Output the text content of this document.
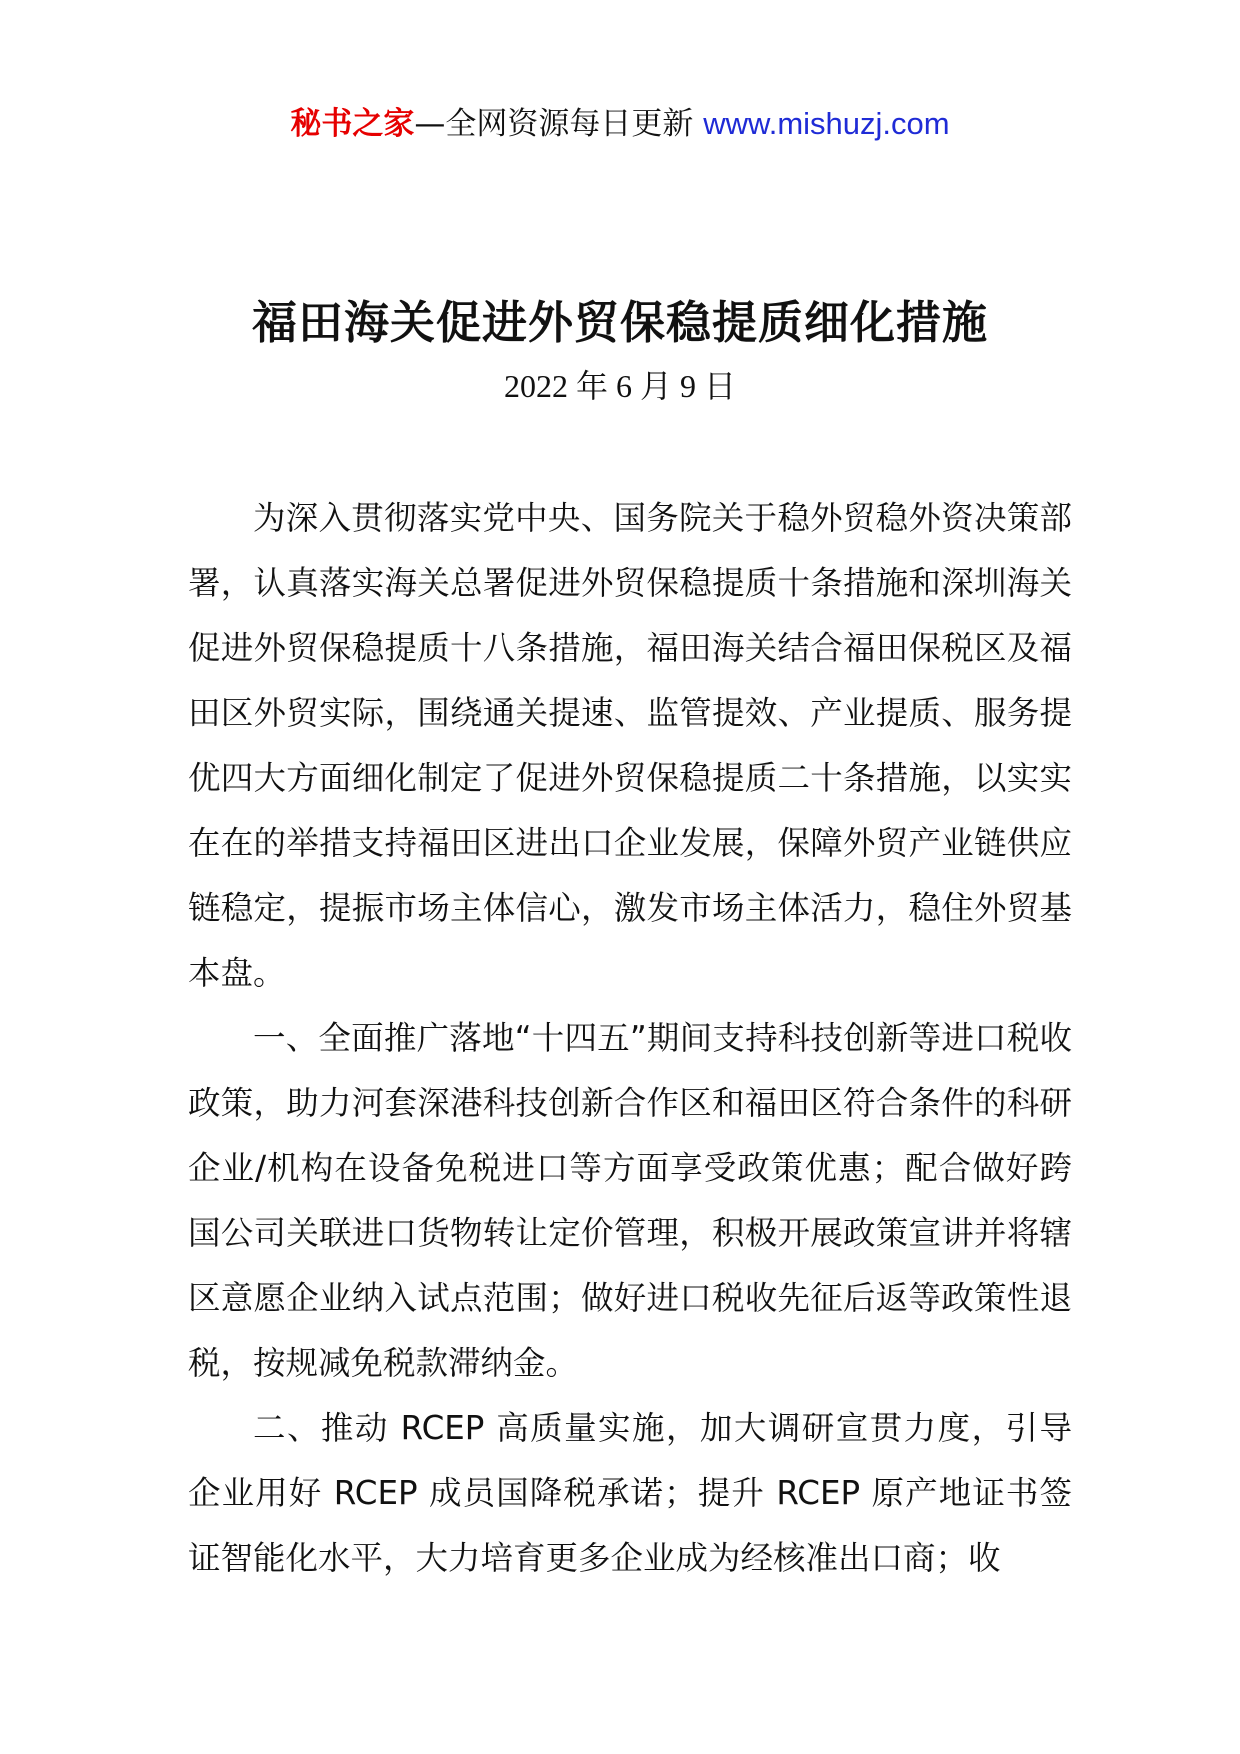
秘书之家—全网资源每日更新 www.mishuzj.com
福田海关促进外贸保稳提质细化措施
2022 年 6 月 9 日

为深入贯彻落实党中央、国务院关于稳外贸稳外资决策部署，认真落实海关总署促进外贸保稳提质十条措施和深圳海关促进外贸保稳提质十八条措施，福田海关结合福田保税区及福田区外贸实际，围绕通关提速、监管提效、产业提质、服务提优四大方面细化制定了促进外贸保稳提质二十条措施，以实实在在的举措支持福田区进出口企业发展，保障外贸产业链供应链稳定，提振市场主体信心，激发市场主体活力，稳住外贸基本盘。

一、全面推广落地“十四五”期间支持科技创新等进口税收政策，助力河套深港科技创新合作区和福田区符合条件的科研企业/机构在设备免税进口等方面享受政策优惠；配合做好跨国公司关联进口货物转让定价管理，积极开展政策宣讲并将辖区意愿企业纳入试点范围；做好进口税收先征后返等政策性退税，按规减免税款滞纳金。

二、推动 RCEP 高质量实施，加大调研宣贯力度，引导企业用好 RCEP 成员国降税承诺；提升 RCEP 原产地证书签证智能化水平，大力培育更多企业成为经核准出口商；收
